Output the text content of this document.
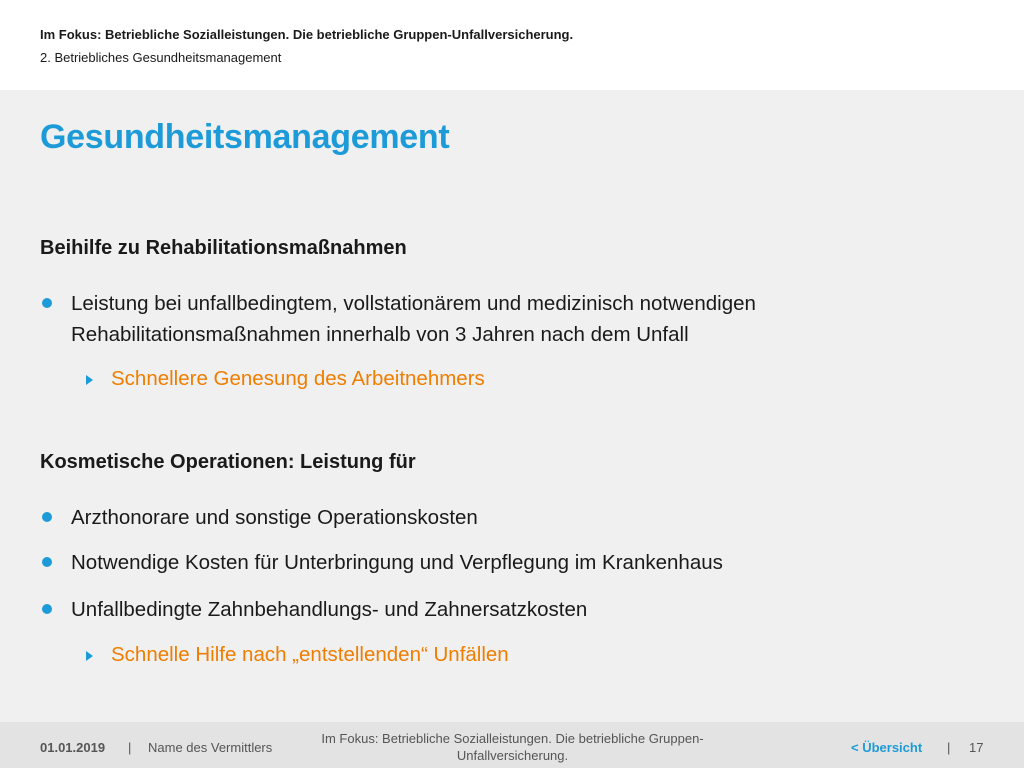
Im Fokus: Betriebliche Sozialleistungen. Die betriebliche Gruppen-Unfallversicherung.
2. Betriebliches Gesundheitsmanagement
Gesundheitsmanagement
Beihilfe zu Rehabilitationsmaßnahmen
Leistung bei unfallbedingtem, vollstationärem und medizinisch notwendigen
Rehabilitationsmaßnahmen innerhalb von 3 Jahren nach dem Unfall
Schnellere Genesung des Arbeitnehmers
Kosmetische Operationen: Leistung für
Arzthonorare und sonstige Operationskosten
Notwendige Kosten für Unterbringung und Verpflegung im Krankenhaus
Unfallbedingte Zahnbehandlungs- und Zahnersatzkosten
Schnelle Hilfe nach „entstellenden“ Unfällen
01.01.2019 | Name des Vermittlers
Im Fokus: Betriebliche Sozialleistungen. Die betriebliche Gruppen-
Unfallversicherung.
< Übersicht | 17
